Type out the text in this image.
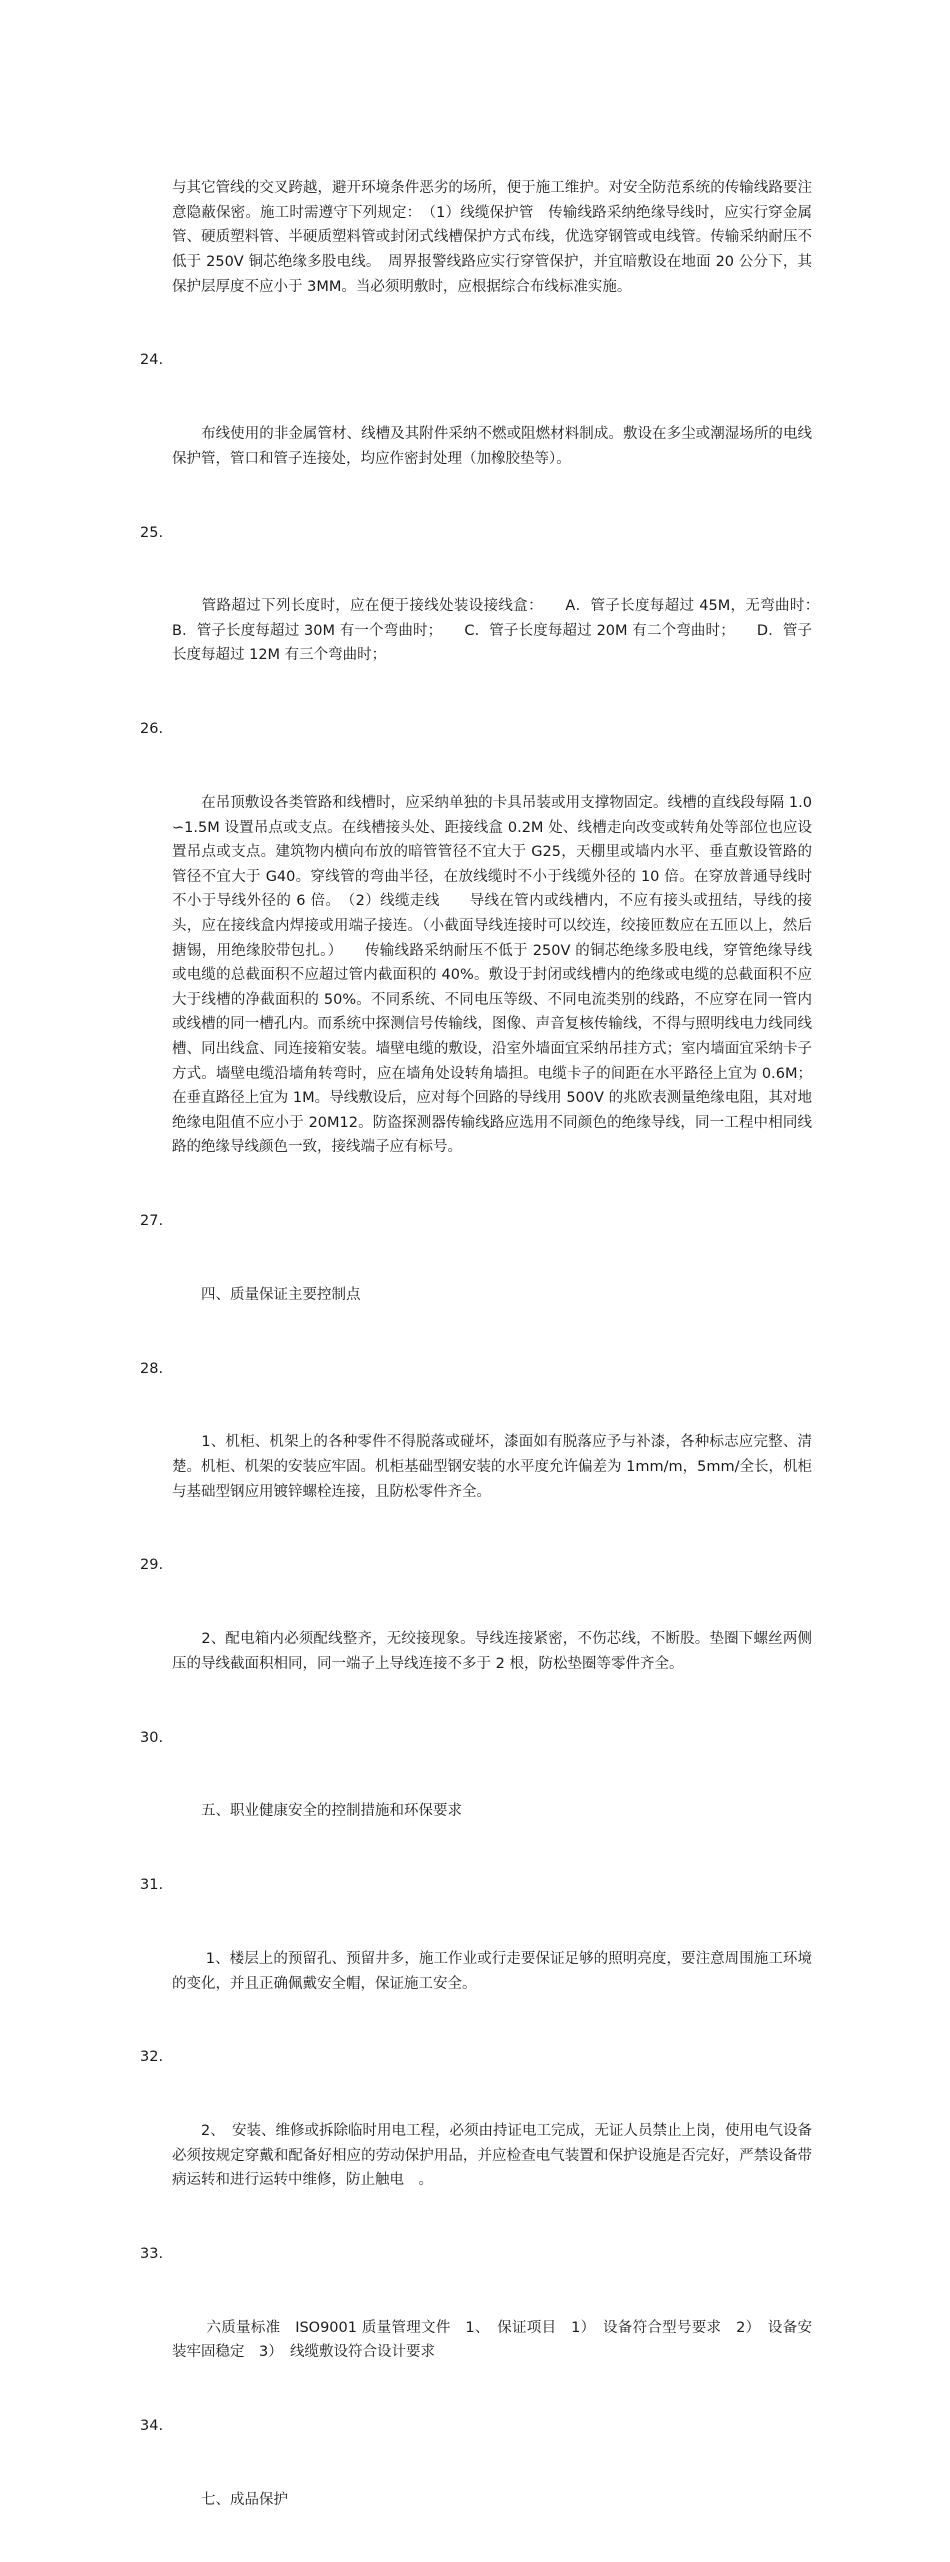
与其它管线的交叉跨越，避开环境条件恶劣的场所，便于施工维护。对安全防范系统的传输线路要注意隐蔽保密。施工时需遵守下列规定：　（1）线缆保护管　传输线路采纳绝缘导线时，应实行穿金属管、硬质塑料管、半硬质塑料管或封闭式线槽保护方式布线，优选穿钢管或电线管。传输采纳耐压不低于 250V 铜芯绝缘多股电线。　周界报警线路应实行穿管保护，并宜暗敷设在地面 20 公分下，其保护层厚度不应小于 3MM。当必须明敷时，应根据综合布线标准实施。

24.

　　布线使用的非金属管材、线槽及其附件采纳不燃或阻燃材料制成。敷设在多尘或潮湿场所的电线保护管，管口和管子连接处，均应作密封处理（加橡胶垫等）。

25.

　　管路超过下列长度时，应在便于接线处装设接线盒：　　A．管子长度每超过 45M，无弯曲时：　　B．管子长度每超过 30M 有一个弯曲时；　　C．管子长度每超过 20M 有二个弯曲时；　　D．管子长度每超过 12M 有三个弯曲时；

26.

　　在吊顶敷设各类管路和线槽时，应采纳单独的卡具吊装或用支撑物固定。线槽的直线段每隔 1.0∽1.5M 设置吊点或支点。在线槽接头处、距接线盒 0.2M 处、线槽走向改变或转角处等部位也应设置吊点或支点。建筑物内横向布放的暗管管径不宜大于 G25，天棚里或墙内水平、垂直敷设管路的管径不宜大于 G40。穿线管的弯曲半径，在放线缆时不小于线缆外径的 10 倍。在穿放普通导线时不小于导线外径的 6 倍。　（2）线缆走线　　导线在管内或线槽内，不应有接头或扭结，导线的接头，应在接线盒内焊接或用端子接连。（小截面导线连接时可以绞连，绞接匝数应在五匝以上，然后搪锡，用绝缘胶带包扎。）　　传输线路采纳耐压不低于 250V 的铜芯绝缘多股电线，穿管绝缘导线或电缆的总截面积不应超过管内截面积的 40%。敷设于封闭或线槽内的绝缘或电缆的总截面积不应大于线槽的净截面积的 50%。不同系统、不同电压等级、不同电流类别的线路，不应穿在同一管内或线槽的同一槽孔内。而系统中探测信号传输线，图像、声音复核传输线，不得与照明线电力线同线槽、同出线盒、同连接箱安装。墙壁电缆的敷设，沿室外墙面宜采纳吊挂方式；室内墙面宜采纳卡子方式。墙壁电缆沿墙角转弯时，应在墙角处设转角墙担。电缆卡子的间距在水平路径上宜为 0.6M；在垂直路径上宜为 1M。导线敷设后，应对每个回路的导线用 500V 的兆欧表测量绝缘电阻，其对地绝缘电阻值不应小于 20M12。防盗探测器传输线路应选用不同颜色的绝缘导线，同一工程中相同线路的绝缘导线颜色一致，接线端子应有标号。

27.

　　四、质量保证主要控制点

28.

　　1、机柜、机架上的各种零件不得脱落或碰坏，漆面如有脱落应予与补漆，各种标志应完整、清楚。机柜、机架的安装应牢固。机柜基础型钢安装的水平度允许偏差为 1mm/m，5mm/全长，机柜与基础型钢应用镀锌螺栓连接，且防松零件齐全。

29.

　　2、配电箱内必须配线整齐，无绞接现象。导线连接紧密，不伤芯线，不断股。垫圈下螺丝两侧压的导线截面积相同，同一端子上导线连接不多于 2 根，防松垫圈等零件齐全。

30.

　　五、职业健康安全的控制措施和环保要求

31.

　　 1、楼层上的预留孔、预留井多，施工作业或行走要保证足够的照明亮度，要注意周围施工环境的变化，并且正确佩戴安全帽，保证施工安全。

32.

　　2、　安装、维修或拆除临时用电工程，必须由持证电工完成，无证人员禁止上岗，使用电气设备必须按规定穿戴和配备好相应的劳动保护用品，并应检查电气装置和保护设施是否完好，严禁设备带病运转和进行运转中维修，防止触电　。

33.

　　 六质量标准　ISO9001 质量管理文件　1、　保证项目　1）　设备符合型号要求　2）　设备安装牢固稳定　3）　线缆敷设符合设计要求

34.

　　七、成品保护
